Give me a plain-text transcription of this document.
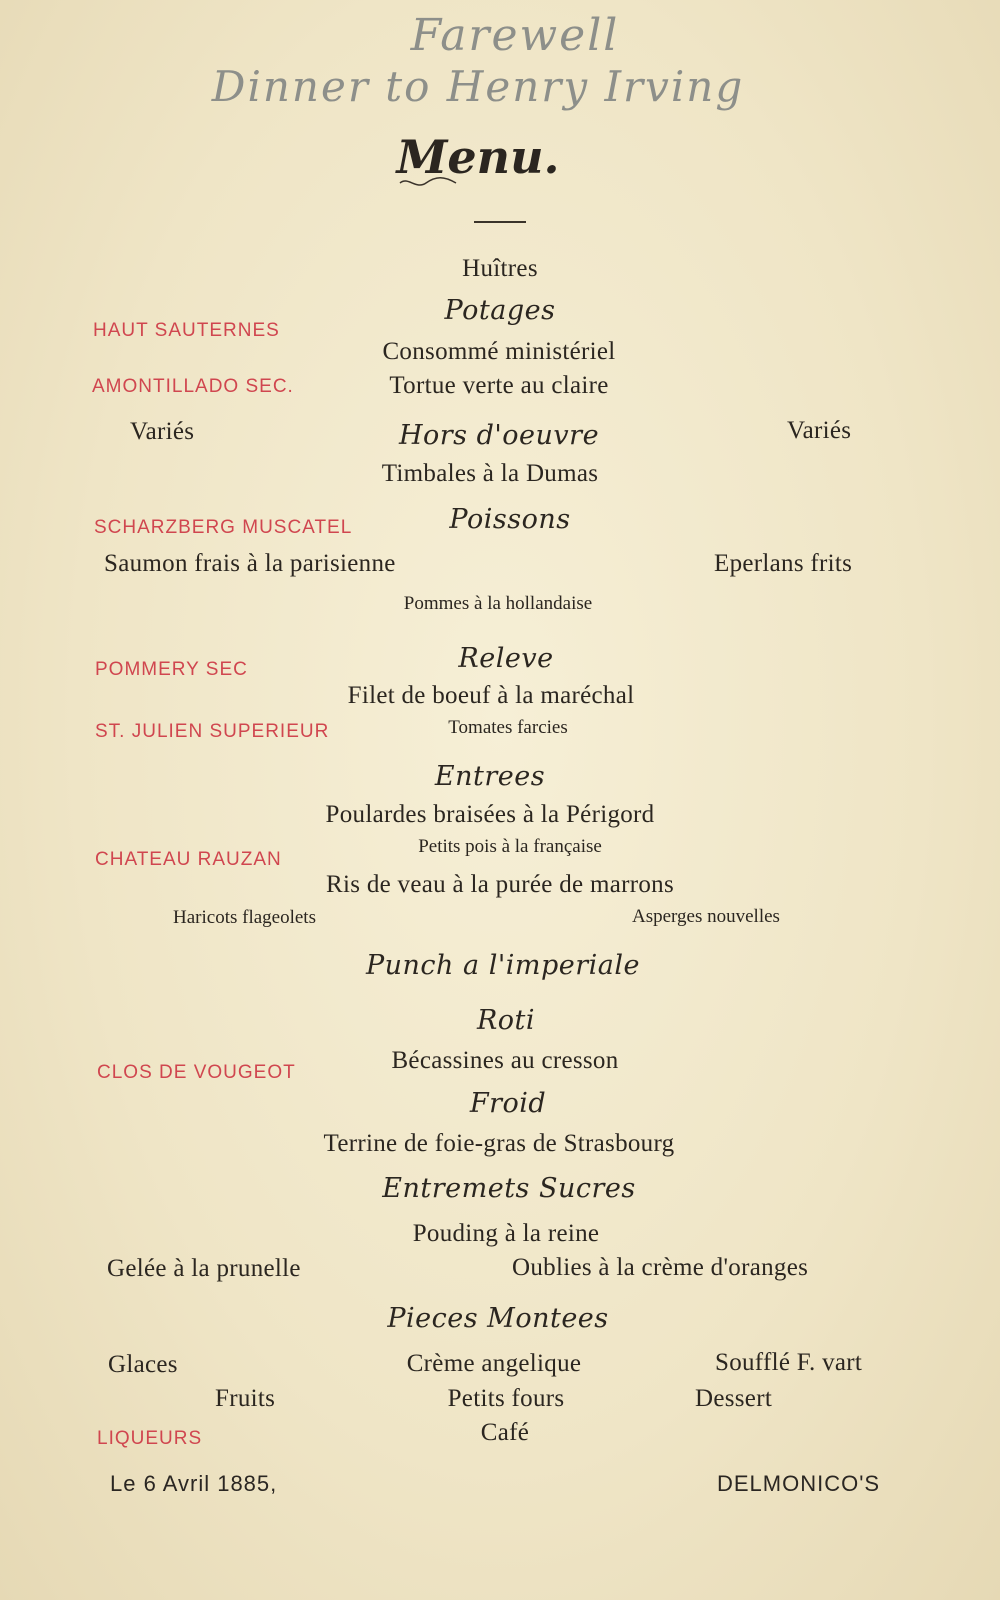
Farewell
Dinner to Henry Irving
Menu.
Huîtres
Potages
HAUT SAUTERNES
Consommé ministériel
AMONTILLADO SEC.	Tortue verte au claire
Variés	Hors d'oeuvre	Variés
Timbales à la Dumas
SCHARZBERG MUSCATEL	Poissons
Saumon frais à la parisienne	Eperlans frits
Pommes à la hollandaise
POMMERY SEC	Releve
Filet de boeuf à la maréchal
ST. JULIEN SUPERIEUR	Tomates farcies
Entrees
Poulardes braisées à la Périgord
Petits pois à la française
CHATEAU RAUZAN
Ris de veau à la purée de marrons
Haricots flageolets	Asperges nouvelles
Punch a l'imperiale
Roti
CLOS DE VOUGEOT	Bécassines au cresson
Froid
Terrine de foie-gras de Strasbourg
Entremets Sucres
Pouding à la reine
Gelée à la prunelle	Oublies à la crème d'oranges
Pieces Montees
Glaces	Crème angelique	Soufflé F. vart
Fruits	Petits fours	Dessert
LIQUEURS	Café
Le 6 Avril 1885,	DELMONICO'S
